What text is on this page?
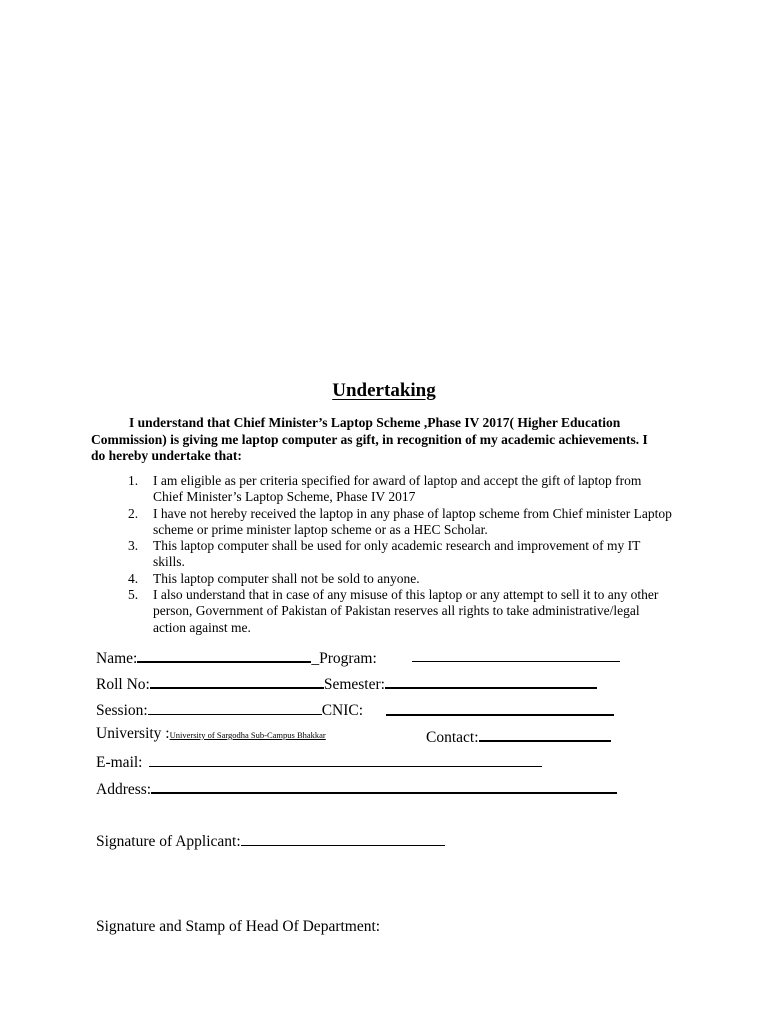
Undertaking
I understand that Chief Minister’s Laptop Scheme ,Phase IV 2017( Higher Education Commission) is giving me laptop computer as gift, in recognition of my academic achievements. I do hereby undertake that:
1.	I am eligible as per criteria specified for award of laptop and accept the gift of laptop from Chief Minister’s Laptop Scheme, Phase IV 2017
2.	I have not hereby received the laptop in any phase of laptop scheme from Chief minister Laptop scheme or prime minister laptop scheme or as a HEC Scholar.
3.	This laptop computer shall be used for only academic research and improvement of my IT skills.
4.	This laptop computer shall not be sold to anyone.
5.	I also understand that in case of any misuse of this laptop or any attempt to sell it to any other person, Government of Pakistan of Pakistan reserves all rights to take administrative/legal action against me.
Name:	_Program:
Roll No:	Semester:
Session:	CNIC:
University :University of Sargodha Sub-Campus Bhakkar	Contact:
E-mail:
Address:
Signature of Applicant:
Signature and Stamp of Head Of Department:
